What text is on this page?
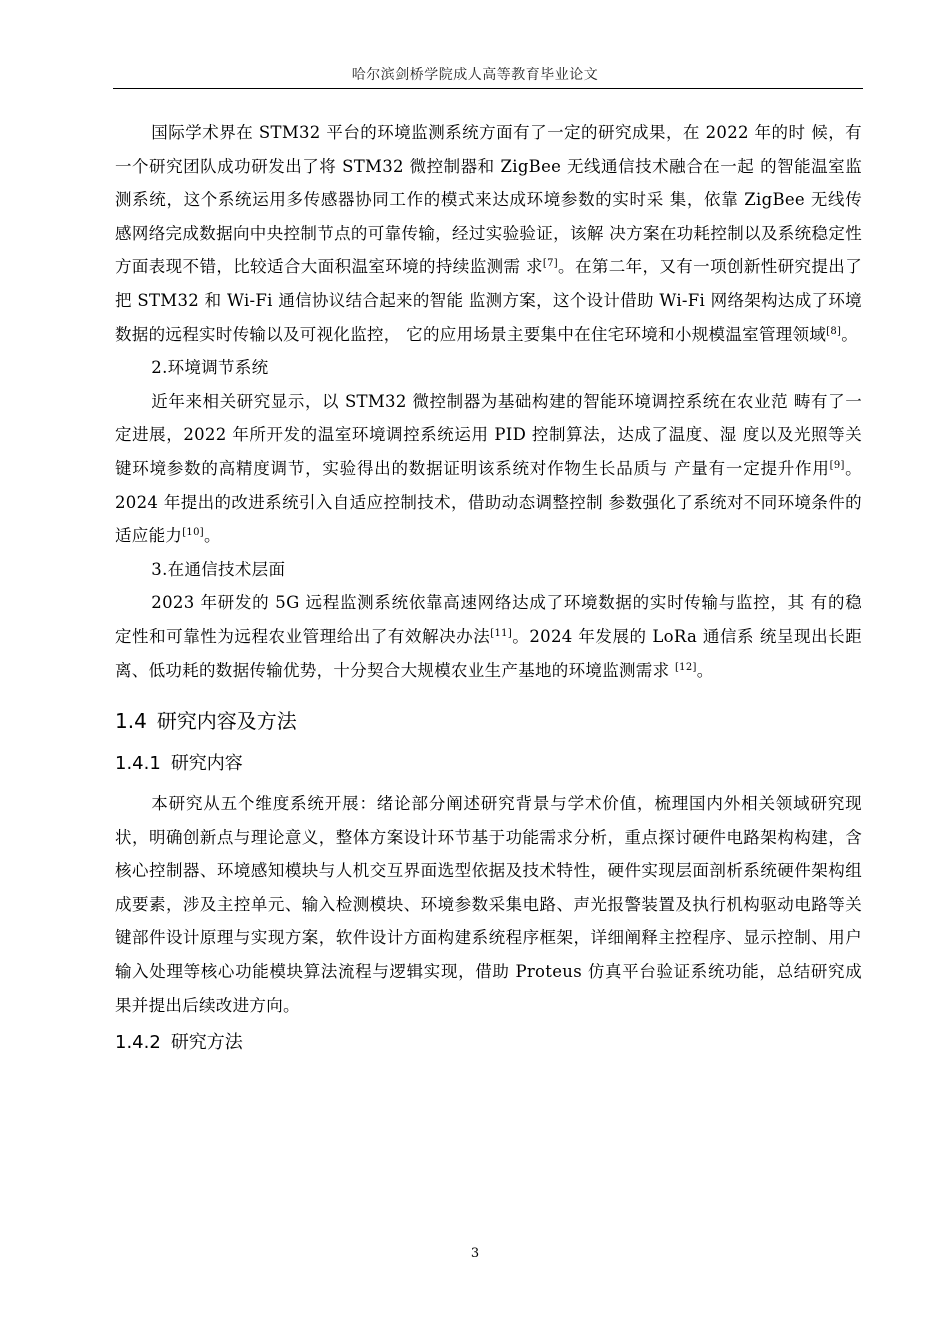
哈尔滨剑桥学院成人高等教育毕业论文

国际学术界在 STM32 平台的环境监测系统方面有了一定的研究成果，在 2022 年的时 候，有一个研究团队成功研发出了将 STM32 微控制器和 ZigBee 无线通信技术融合在一起 的智能温室监测系统，这个系统运用多传感器协同工作的模式来达成环境参数的实时采 集，依靠 ZigBee 无线传感网络完成数据向中央控制节点的可靠传输，经过实验验证，该解 决方案在功耗控制以及系统稳定性方面表现不错，比较适合大面积温室环境的持续监测需 求[7]。在第二年，又有一项创新性研究提出了把 STM32 和 Wi-Fi 通信协议结合起来的智能 监测方案，这个设计借助 Wi-Fi 网络架构达成了环境数据的远程实时传输以及可视化监控， 它的应用场景主要集中在住宅环境和小规模温室管理领域[8]。

2.环境调节系统

近年来相关研究显示，以 STM32 微控制器为基础构建的智能环境调控系统在农业范 畴有了一定进展，2022 年所开发的温室环境调控系统运用 PID 控制算法，达成了温度、湿 度以及光照等关键环境参数的高精度调节，实验得出的数据证明该系统对作物生长品质与 产量有一定提升作用[9]。2024 年提出的改进系统引入自适应控制技术，借助动态调整控制 参数强化了系统对不同环境条件的适应能力[10]。

3.在通信技术层面

2023 年研发的 5G 远程监测系统依靠高速网络达成了环境数据的实时传输与监控，其 有的稳定性和可靠性为远程农业管理给出了有效解决办法[11]。2024 年发展的 LoRa 通信系 统呈现出长距离、低功耗的数据传输优势，十分契合大规模农业生产基地的环境监测需求 [12]。

1.4 研究内容及方法
1.4.1 研究内容

本研究从五个维度系统开展：绪论部分阐述研究背景与学术价值，梳理国内外相关领域研究现状，明确创新点与理论意义，整体方案设计环节基于功能需求分析，重点探讨硬件电路架构构建，含核心控制器、环境感知模块与人机交互界面选型依据及技术特性，硬件实现层面剖析系统硬件架构组成要素，涉及主控单元、输入检测模块、环境参数采集电路、声光报警装置及执行机构驱动电路等关键部件设计原理与实现方案，软件设计方面构建系统程序框架，详细阐释主控程序、显示控制、用户输入处理等核心功能模块算法流程与逻辑实现，借助 Proteus 仿真平台验证系统功能，总结研究成果并提出后续改进方向。

1.4.2 研究方法
3
